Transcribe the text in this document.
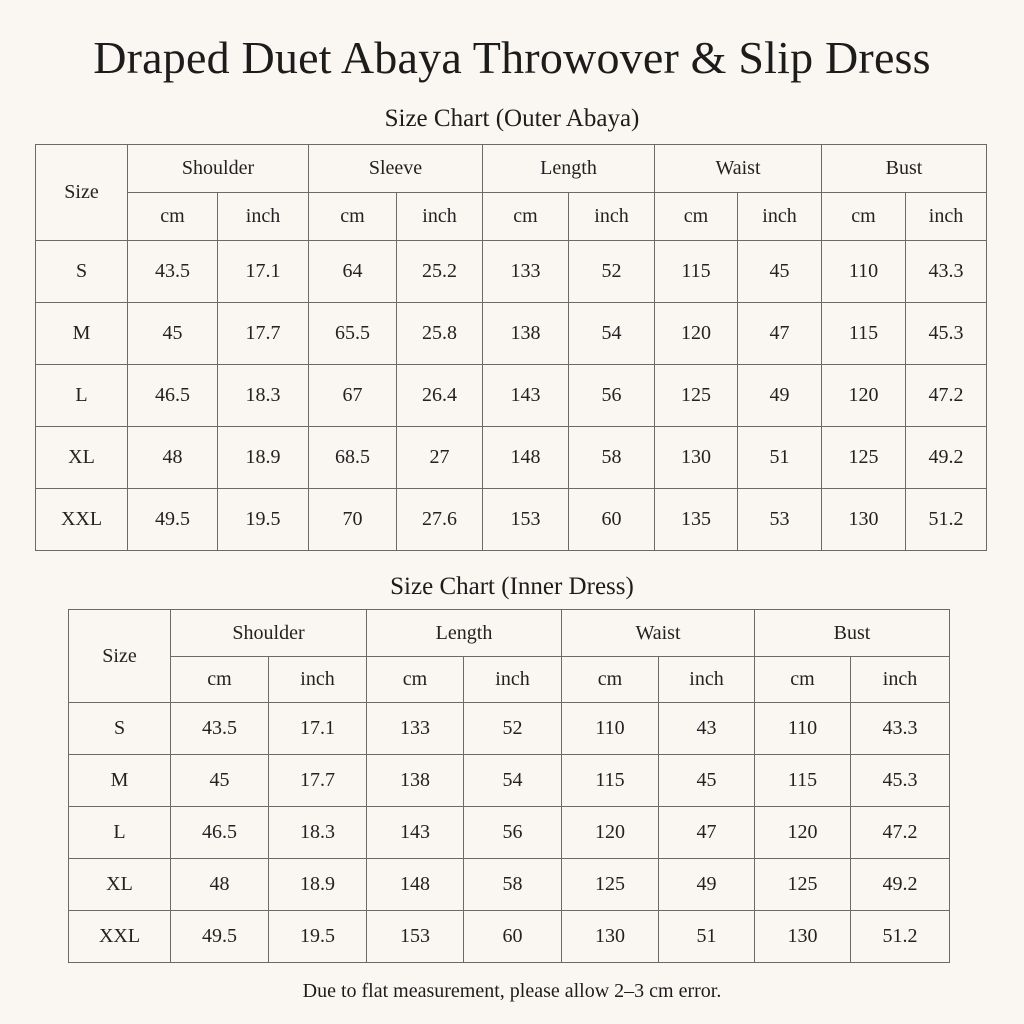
Draped Duet Abaya Throwover & Slip Dress
Size Chart (Outer Abaya)
Size	Shoulder		Sleeve		Length		Waist		Bust	
	cm	inch	cm	inch	cm	inch	cm	inch	cm	inch
S	43.5	17.1	64	25.2	133	52	115	45	110	43.3
M	45	17.7	65.5	25.8	138	54	120	47	115	45.3
L	46.5	18.3	67	26.4	143	56	125	49	120	47.2
XL	48	18.9	68.5	27	148	58	130	51	125	49.2
XXL	49.5	19.5	70	27.6	153	60	135	53	130	51.2
Size Chart (Inner Dress)
Size	Shoulder		Length		Waist		Bust	
	cm	inch	cm	inch	cm	inch	cm	inch
S	43.5	17.1	133	52	110	43	110	43.3
M	45	17.7	138	54	115	45	115	45.3
L	46.5	18.3	143	56	120	47	120	47.2
XL	48	18.9	148	58	125	49	125	49.2
XXL	49.5	19.5	153	60	130	51	130	51.2
Due to flat measurement, please allow 2–3 cm error.
